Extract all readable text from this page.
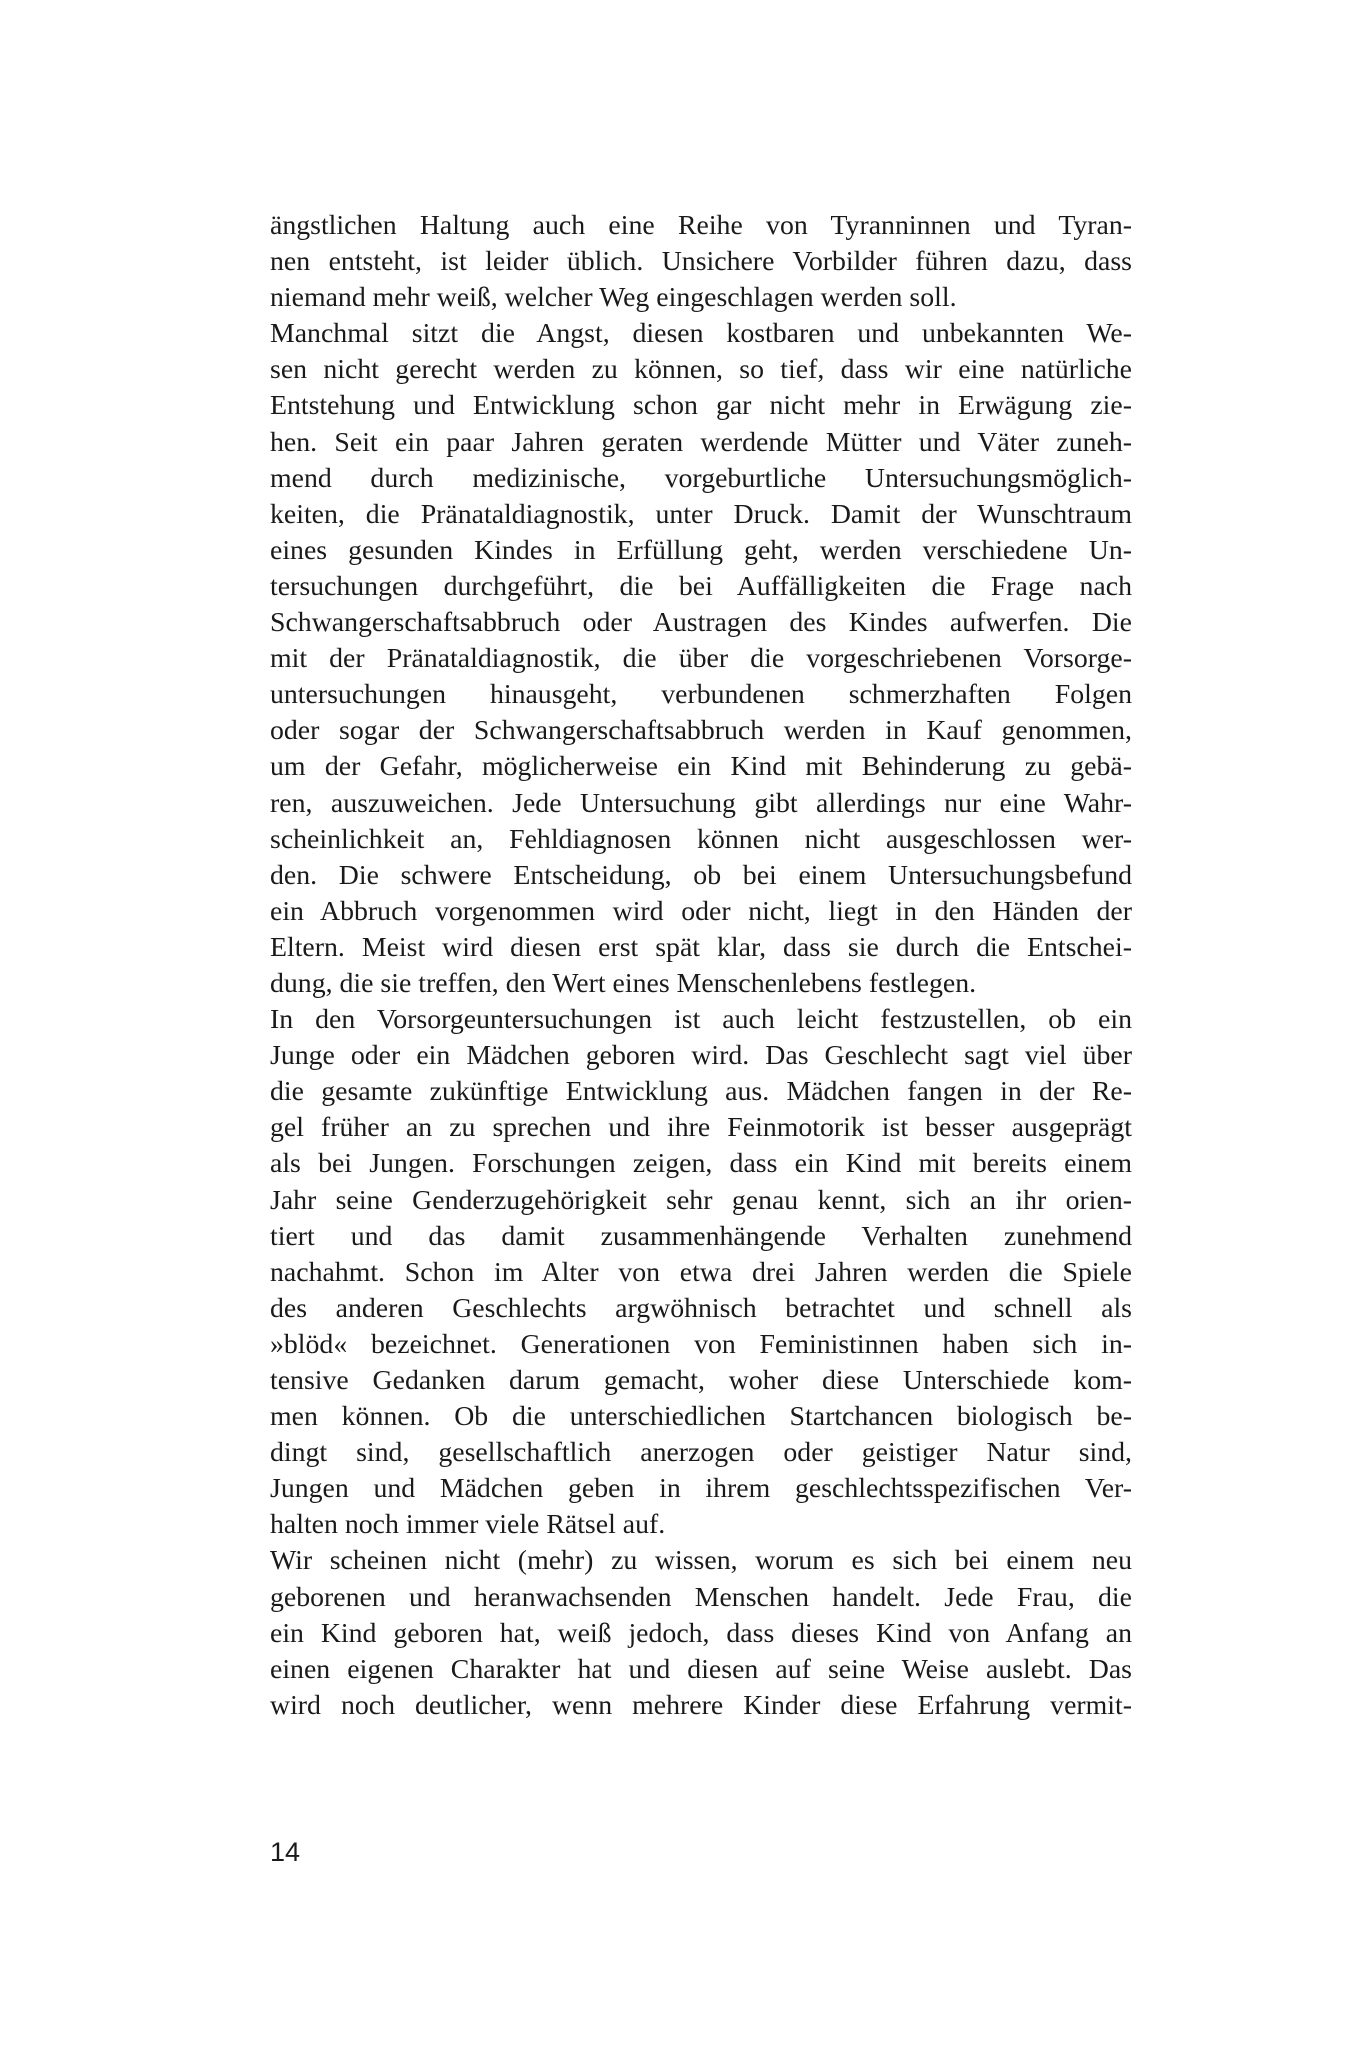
ängstlichen Haltung auch eine Reihe von Tyranninnen und Tyran-
nen entsteht, ist leider üblich. Unsichere Vorbilder führen dazu, dass
niemand mehr weiß, welcher Weg eingeschlagen werden soll.
Manchmal sitzt die Angst, diesen kostbaren und unbekannten We-
sen nicht gerecht werden zu können, so tief, dass wir eine natürliche
Entstehung und Entwicklung schon gar nicht mehr in Erwägung zie-
hen. Seit ein paar Jahren geraten werdende Mütter und Väter zuneh-
mend durch medizinische, vorgeburtliche Untersuchungsmöglich-
keiten, die Pränataldiagnostik, unter Druck. Damit der Wunschtraum
eines gesunden Kindes in Erfüllung geht, werden verschiedene Un-
tersuchungen durchgeführt, die bei Auffälligkeiten die Frage nach
Schwangerschaftsabbruch oder Austragen des Kindes aufwerfen. Die
mit der Pränataldiagnostik, die über die vorgeschriebenen Vorsorge-
untersuchungen hinausgeht, verbundenen schmerzhaften Folgen
oder sogar der Schwangerschaftsabbruch werden in Kauf genommen,
um der Gefahr, möglicherweise ein Kind mit Behinderung zu gebä-
ren, auszuweichen. Jede Untersuchung gibt allerdings nur eine Wahr-
scheinlichkeit an, Fehldiagnosen können nicht ausgeschlossen wer-
den. Die schwere Entscheidung, ob bei einem Untersuchungsbefund
ein Abbruch vorgenommen wird oder nicht, liegt in den Händen der
Eltern. Meist wird diesen erst spät klar, dass sie durch die Entschei-
dung, die sie treffen, den Wert eines Menschenlebens festlegen.
In den Vorsorgeuntersuchungen ist auch leicht festzustellen, ob ein
Junge oder ein Mädchen geboren wird. Das Geschlecht sagt viel über
die gesamte zukünftige Entwicklung aus. Mädchen fangen in der Re-
gel früher an zu sprechen und ihre Feinmotorik ist besser ausgeprägt
als bei Jungen. Forschungen zeigen, dass ein Kind mit bereits einem
Jahr seine Genderzugehörigkeit sehr genau kennt, sich an ihr orien-
tiert und das damit zusammenhängende Verhalten zunehmend
nachahmt. Schon im Alter von etwa drei Jahren werden die Spiele
des anderen Geschlechts argwöhnisch betrachtet und schnell als
»blöd« bezeichnet. Generationen von Feministinnen haben sich in-
tensive Gedanken darum gemacht, woher diese Unterschiede kom-
men können. Ob die unterschiedlichen Startchancen biologisch be-
dingt sind, gesellschaftlich anerzogen oder geistiger Natur sind,
Jungen und Mädchen geben in ihrem geschlechtsspezifischen Ver-
halten noch immer viele Rätsel auf.
Wir scheinen nicht (mehr) zu wissen, worum es sich bei einem neu
geborenen und heranwachsenden Menschen handelt. Jede Frau, die
ein Kind geboren hat, weiß jedoch, dass dieses Kind von Anfang an
einen eigenen Charakter hat und diesen auf seine Weise auslebt. Das
wird noch deutlicher, wenn mehrere Kinder diese Erfahrung vermit-
14
